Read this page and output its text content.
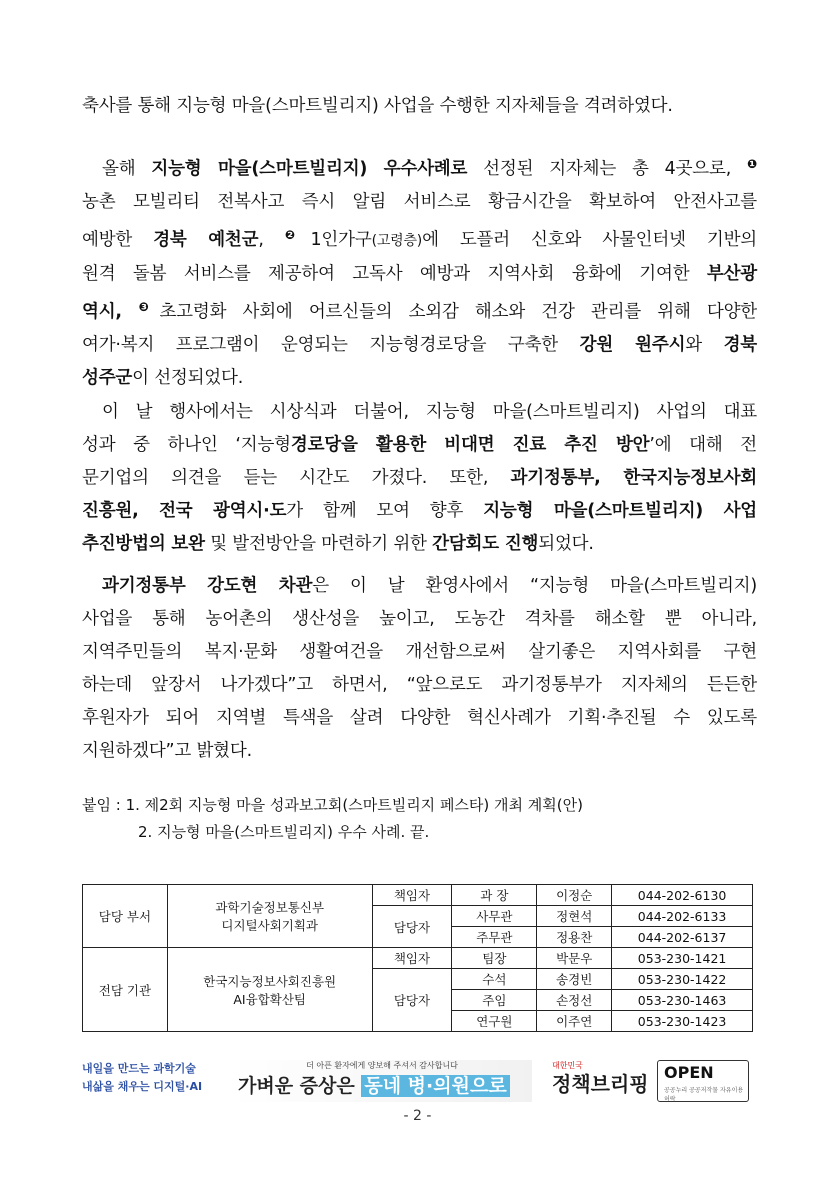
축사를 통해 지능형 마을(스마트빌리지) 사업을 수행한 지자체들을 격려하였다.

올해 지능형 마을(스마트빌리지) 우수사례로 선정된 지자체는 총 4곳으로, $^❶$
농촌 모빌리티 전복사고 즉시 알림 서비스로 황금시간을 확보하여 안전사고를
예방한 경북 예천군, $^❷$1인가구(고령층)에 도플러 신호와 사물인터넷 기반의
원격 돌봄 서비스를 제공하여 고독사 예방과 지역사회 융화에 기여한 부산광
역시, $^❸$초고령화 사회에 어르신들의 소외감 해소와 건강 관리를 위해 다양한
여가·복지 프로그램이 운영되는 지능형경로당을 구축한 강원 원주시와 경북
성주군이 선정되었다.

이 날 행사에서는 시상식과 더불어, 지능형 마을(스마트빌리지) 사업의 대표
성과 중 하나인 ‘지능형경로당을 활용한 비대면 진료 추진 방안’에 대해 전
문기업의 의견을 듣는 시간도 가졌다. 또한, 과기정통부, 한국지능정보사회
진흥원, 전국 광역시·도가 함께 모여 향후 지능형 마을(스마트빌리지) 사업
추진방법의 보완 및 발전방안을 마련하기 위한 간담회도 진행되었다.

과기정통부 강도현 차관은 이 날 환영사에서 “지능형 마을(스마트빌리지)
사업을 통해 농어촌의 생산성을 높이고, 도농간 격차를 해소할 뿐 아니라,
지역주민들의 복지·문화 생활여건을 개선함으로써 살기좋은 지역사회를 구현
하는데 앞장서 나가겠다”고 하면서, “앞으로도 과기정통부가 지자체의 든든한
후원자가 되어 지역별 특색을 살려 다양한 혁신사례가 기획·추진될 수 있도록
지원하겠다”고 밝혔다.

붙임 : 1. 제2회 지능형 마을 성과보고회(스마트빌리지 페스타) 개최 계획(안)
2. 지능형 마을(스마트빌리지) 우수 사례. 끝.
담당 부서	과학기술정보통신부
디지털사회기획과	책임자	과 장	이정순	044-202-6130
		담당자	사무관	정현석	044-202-6133
			주무관	정용찬	044-202-6137
전담 기관	한국지능정보사회진흥원
AI융합확산팀	책임자	팀장	박문우	053-230-1421
		담당자	수석	송경빈	053-230-1422
			주임	손정선	053-230-1463
			연구원	이주연	053-230-1423
내일을 만드는 과학기술
내삶을 채우는 디지털·AI
더 아픈 환자에게 양보해 주셔서 감사합니다
가벼운 증상은 동네 병·의원으로
대한민국
정책브리핑 OPEN
공공누리 공공저작물 자유이용허락
- 2 -
